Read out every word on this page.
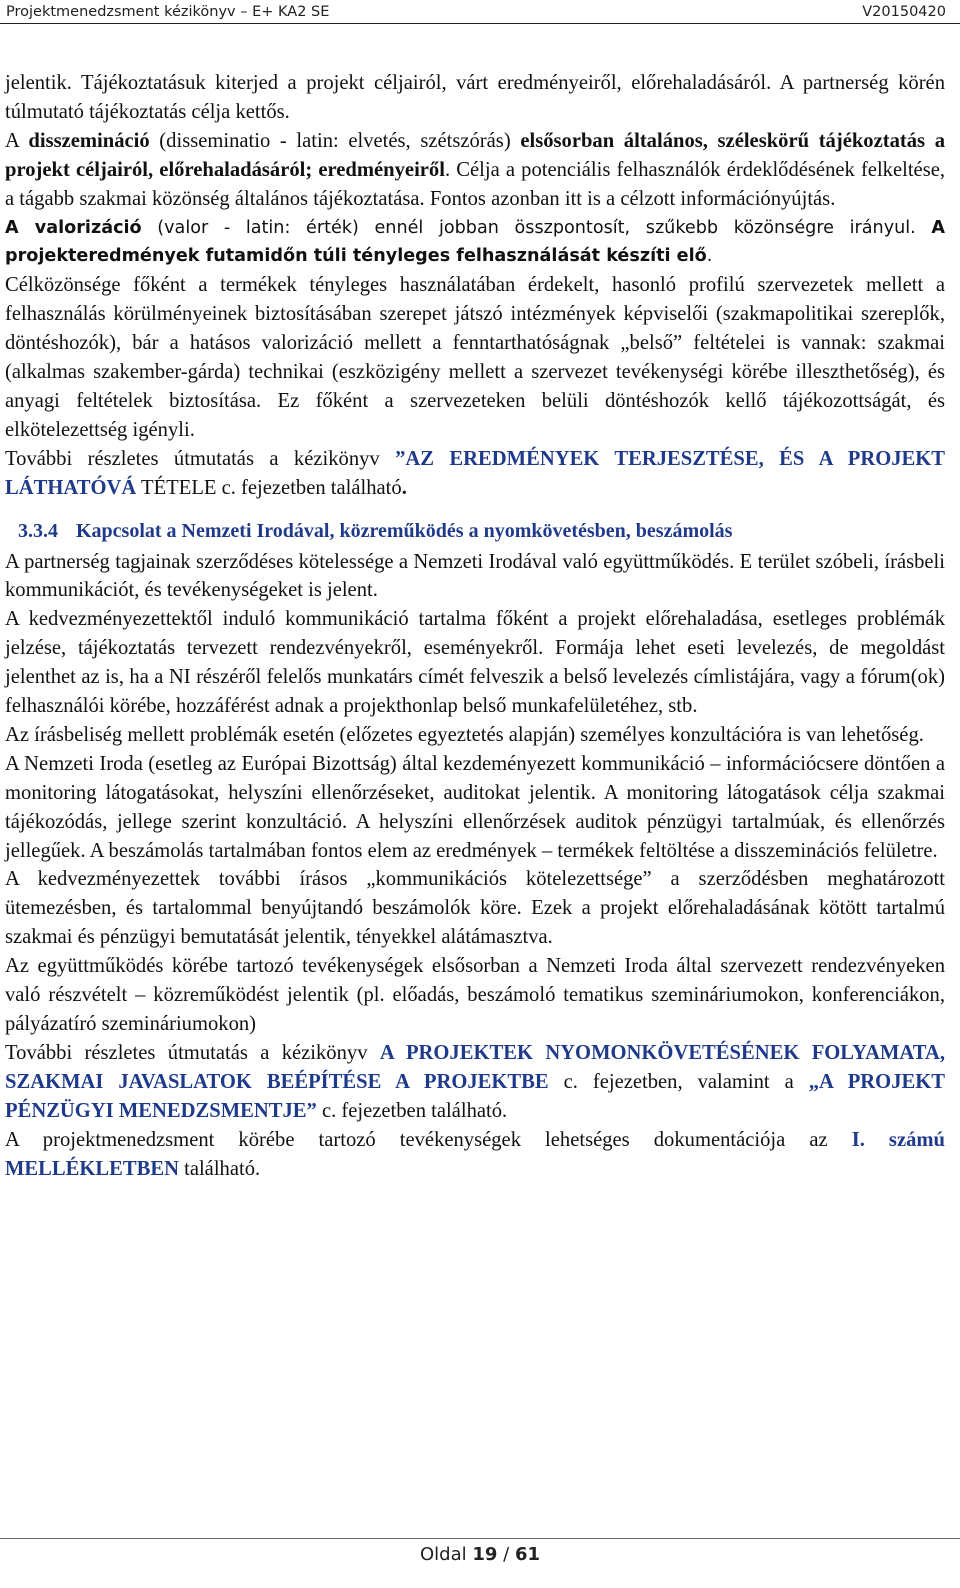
Projektmenedzsment kézikönyv – E+ KA2 SE	V20150420

jelentik. Tájékoztatásuk kiterjed a projekt céljairól, várt eredményeiről, előrehaladásáról. A partnerség körén túlmutató tájékoztatás célja kettős.

A disszemináció (disseminatio - latin: elvetés, szétszórás) elsősorban általános, széleskörű tájékoztatás a projekt céljairól, előrehaladásáról; eredményeiről. Célja a potenciális felhasználók érdeklődésének felkeltése, a tágabb szakmai közönség általános tájékoztatása. Fontos azonban itt is a célzott információnyújtás.

A valorizáció (valor - latin: érték) ennél jobban összpontosít, szűkebb közönségre irányul. A projekteredmények futamidőn túli tényleges felhasználását készíti elő.

Célközönsége főként a termékek tényleges használatában érdekelt, hasonló profilú szervezetek mellett a felhasználás körülményeinek biztosításában szerepet játszó intézmények képviselői (szakmapolitikai szereplők, döntéshozók), bár a hatásos valorizáció mellett a fenntarthatóságnak „belső” feltételei is vannak: szakmai (alkalmas szakember-gárda) technikai (eszközigény mellett a szervezet tevékenységi körébe illeszthetőség), és anyagi feltételek biztosítása. Ez főként a szervezeteken belüli döntéshozók kellő tájékozottságát, és elkötelezettség igényli.

További részletes útmutatás a kézikönyv ”AZ EREDMÉNYEK TERJESZTÉSE, ÉS A PROJEKT LÁTHATÓVÁ TÉTELE c. fejezetben található.

3.3.4 Kapcsolat a Nemzeti Irodával, közreműködés a nyomkövetésben, beszámolás

A partnerség tagjainak szerződéses kötelessége a Nemzeti Irodával való együttműködés. E terület szóbeli, írásbeli kommunikációt, és tevékenységeket is jelent.

A kedvezményezettektől induló kommunikáció tartalma főként a projekt előrehaladása, esetleges problémák jelzése, tájékoztatás tervezett rendezvényekről, eseményekről. Formája lehet eseti levelezés, de megoldást jelenthet az is, ha a NI részéről felelős munkatárs címét felveszik a belső levelezés címlistájára, vagy a fórum(ok) felhasználói körébe, hozzáférést adnak a projekthonlap belső munkafelületéhez, stb.

Az írásbeliség mellett problémák esetén (előzetes egyeztetés alapján) személyes konzultációra is van lehetőség.

A Nemzeti Iroda (esetleg az Európai Bizottság) által kezdeményezett kommunikáció – információcsere döntően a monitoring látogatásokat, helyszíni ellenőrzéseket, auditokat jelentik. A monitoring látogatások célja szakmai tájékozódás, jellege szerint konzultáció. A helyszíni ellenőrzések auditok pénzügyi tartalmúak, és ellenőrzés jellegűek. A beszámolás tartalmában fontos elem az eredmények – termékek feltöltése a disszeminációs felületre.

A kedvezményezettek további írásos „kommunikációs kötelezettsége” a szerződésben meghatározott ütemezésben, és tartalommal benyújtandó beszámolók köre. Ezek a projekt előrehaladásának kötött tartalmú szakmai és pénzügyi bemutatását jelentik, tényekkel alátámasztva.

Az együttműködés körébe tartozó tevékenységek elsősorban a Nemzeti Iroda által szervezett rendezvényeken való részvételt – közreműködést jelentik (pl. előadás, beszámoló tematikus szemináriumokon, konferenciákon, pályázatíró szemináriumokon)

További részletes útmutatás a kézikönyv A PROJEKTEK NYOMONKÖVETÉSÉNEK FOLYAMATA, SZAKMAI JAVASLATOK BEÉPÍTÉSE A PROJEKTBE c. fejezetben, valamint a „A PROJEKT PÉNZÜGYI MENEDZSMENTJE” c. fejezetben található.

A projektmenedzsment körébe tartozó tevékenységek lehetséges dokumentációja az I. számú MELLÉKLETBEN található.

Oldal 19 / 61
